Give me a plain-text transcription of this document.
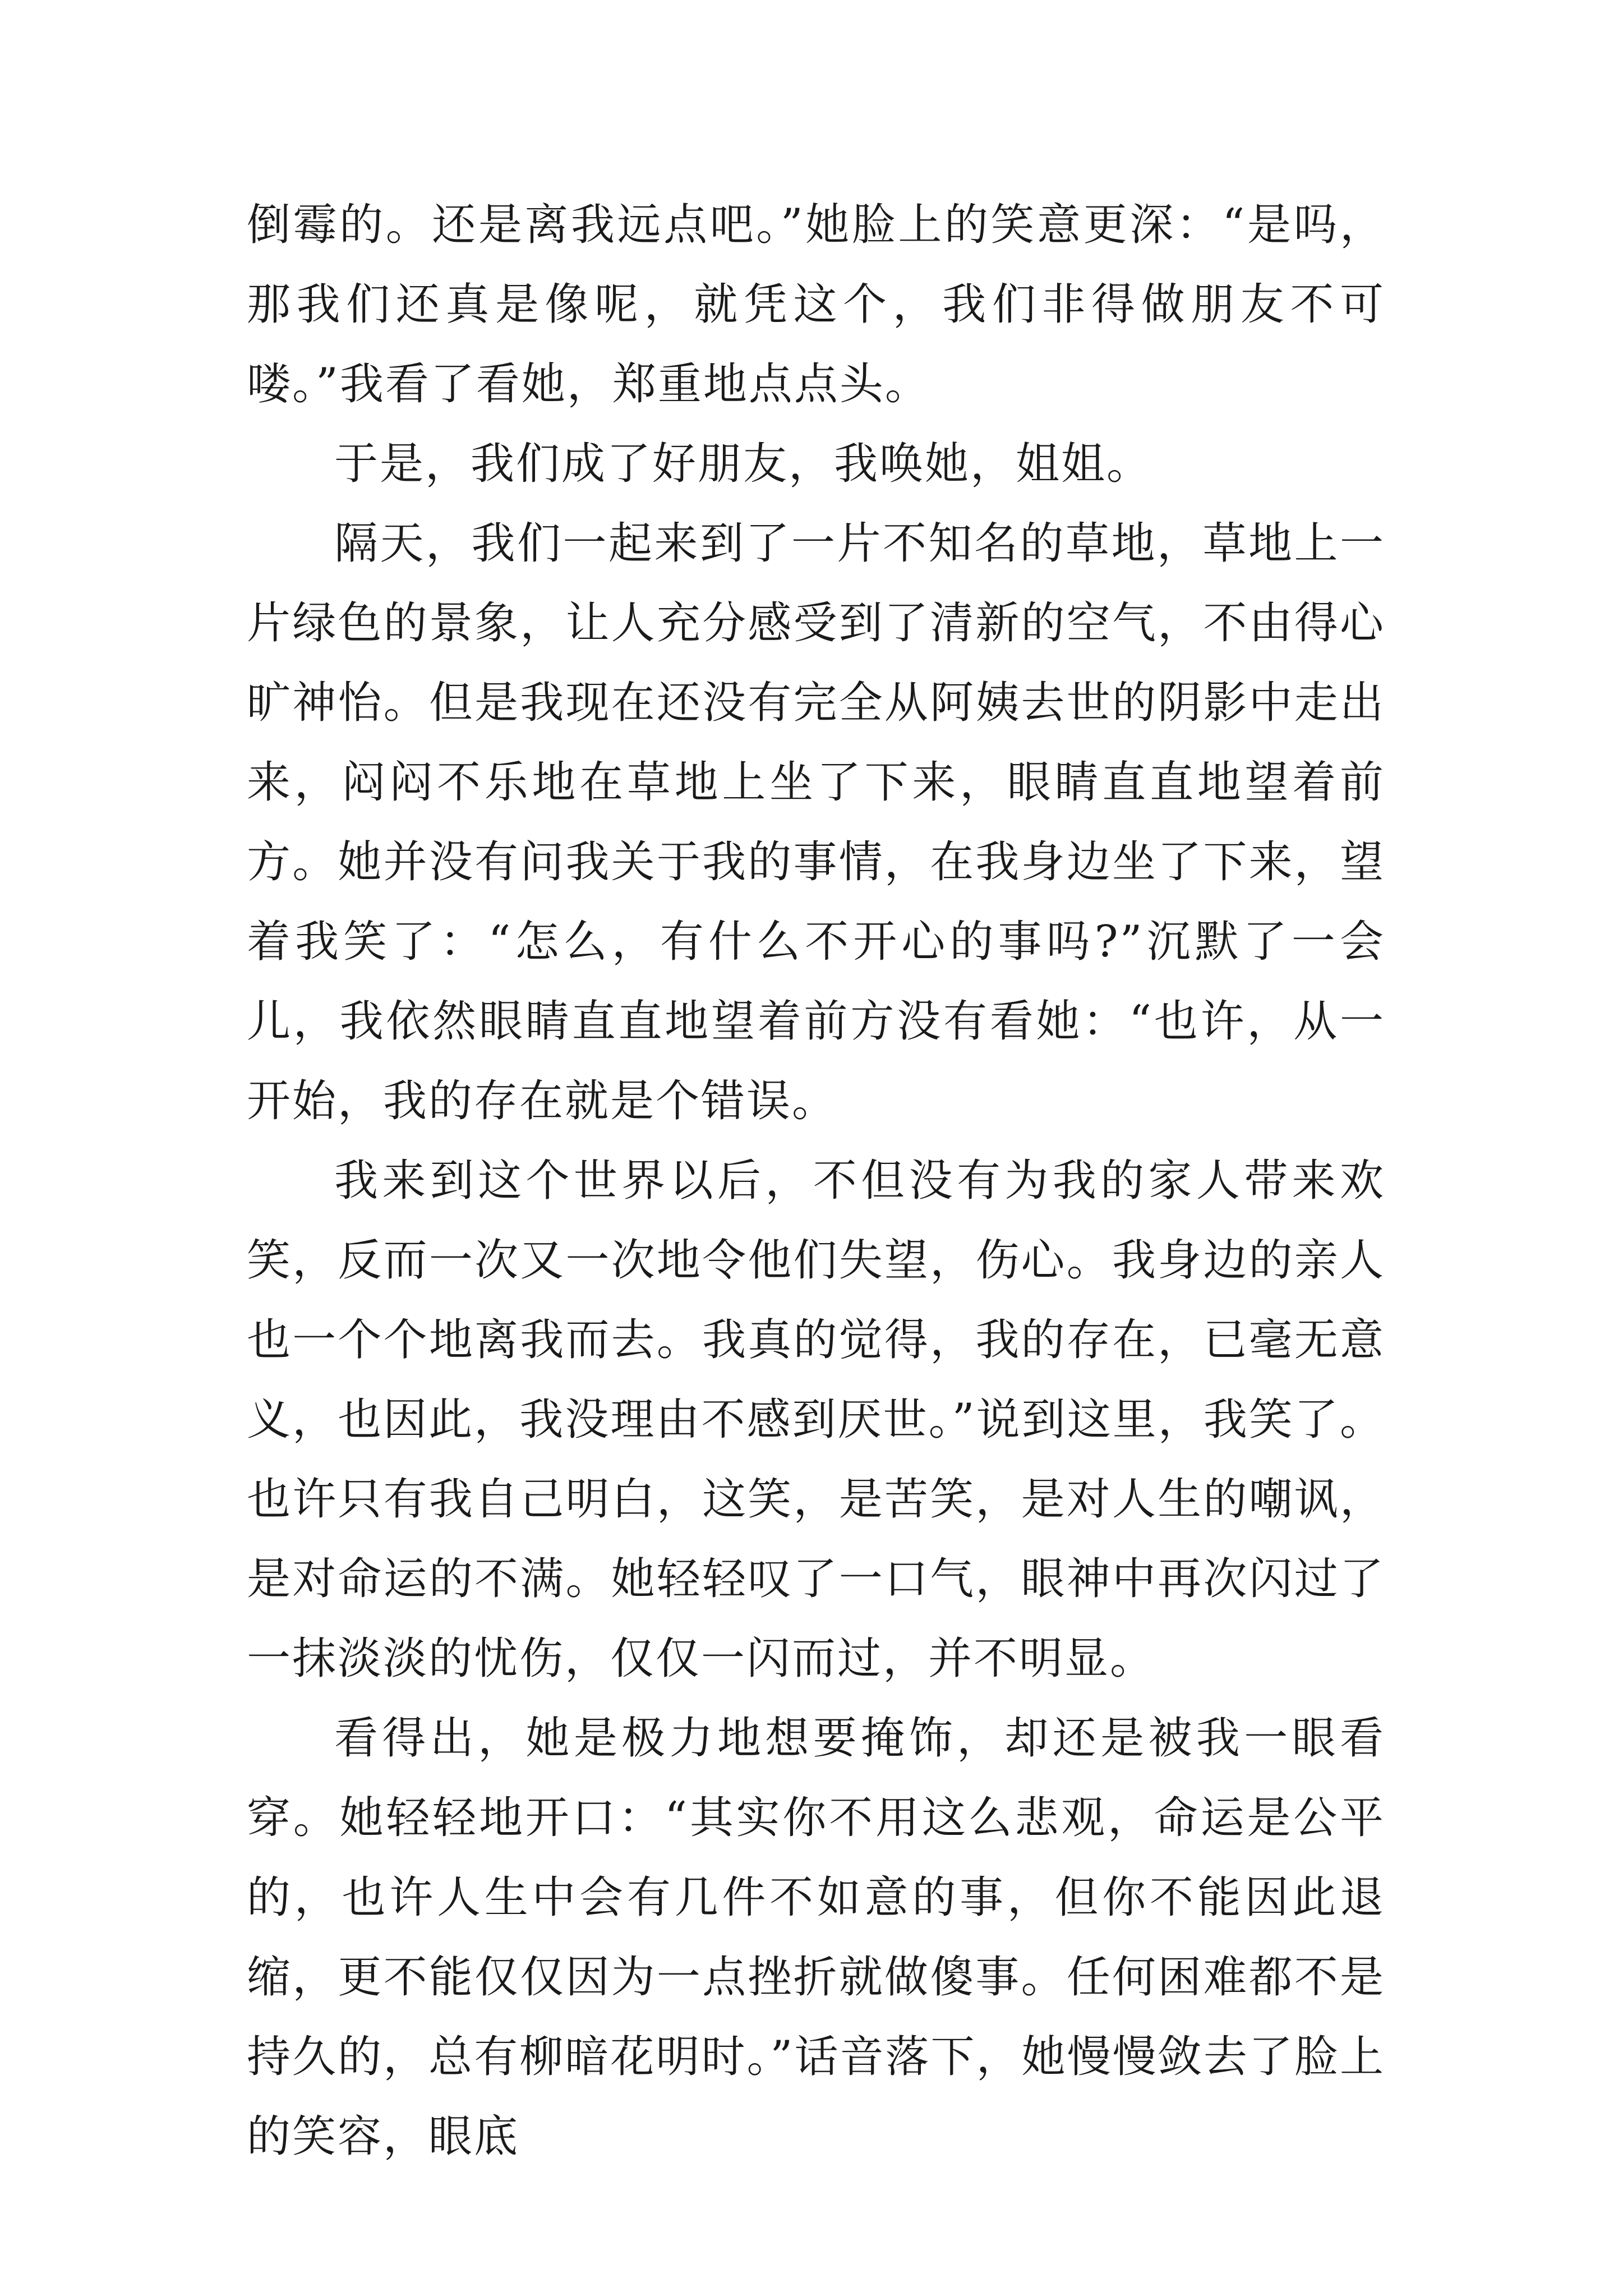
倒霉的。还是离我远点吧。”她脸上的笑意更深：“是吗，那我们还真是像呢，就凭这个，我们非得做朋友不可喽。”我看了看她，郑重地点点头。

于是，我们成了好朋友，我唤她，姐姐。

隔天，我们一起来到了一片不知名的草地，草地上一片绿色的景象，让人充分感受到了清新的空气，不由得心旷神怡。但是我现在还没有完全从阿姨去世的阴影中走出来，闷闷不乐地在草地上坐了下来，眼睛直直地望着前方。她并没有问我关于我的事情，在我身边坐了下来，望着我笑了：“怎么，有什么不开心的事吗?”沉默了一会儿，我依然眼睛直直地望着前方没有看她：“也许，从一开始，我的存在就是个错误。

我来到这个世界以后，不但没有为我的家人带来欢笑，反而一次又一次地令他们失望，伤心。我身边的亲人也一个个地离我而去。我真的觉得，我的存在，已毫无意义，也因此，我没理由不感到厌世。”说到这里，我笑了。也许只有我自己明白，这笑，是苦笑，是对人生的嘲讽，是对命运的不满。她轻轻叹了一口气，眼神中再次闪过了一抹淡淡的忧伤，仅仅一闪而过，并不明显。

看得出，她是极力地想要掩饰，却还是被我一眼看穿。她轻轻地开口：“其实你不用这么悲观，命运是公平的，也许人生中会有几件不如意的事，但你不能因此退缩，更不能仅仅因为一点挫折就做傻事。任何困难都不是持久的，总有柳暗花明时。”话音落下，她慢慢敛去了脸上的笑容，眼底
